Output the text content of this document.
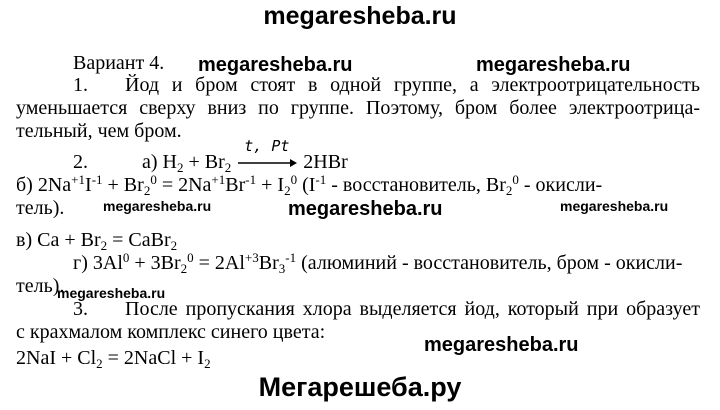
megaresheba.ru
Вариант 4.
1. Йод и бром стоят в одной группе, а электроотрицательность
уменьшается сверху вниз по группе. Поэтому, бром более электроотрица-
тельный, чем бром.
2.	а) $H_2 + Br_2$
t, Pt
2HBr
б) $2Na^{+1}I^{-1} + Br_2^0 = 2Na^{+1}Br^{-1} + I_2^0$ ($I^{-1}$ - восстановитель, $Br_2^0$ - окисли-
тель).
в) $Ca + Br_2$ = CaBr$_2$
г) $3Al^0 + 3Br_2^0 = 2Al^{+3}Br_3^{-1}$ (алюминий - восстановитель, бром - окисли-
тель).
3. После пропускания хлора выделяется йод, который при образует
с крахмалом комплекс синего цвета:
$2NaI + Cl_2$ = 2NaCl + $I_2$
megaresheba.ru	megaresheba.ru
megaresheba.ru
megaresheba.ru
megaresheba.ru	megaresheba.ru
megaresheba.ru
Мегарешеба.ру
